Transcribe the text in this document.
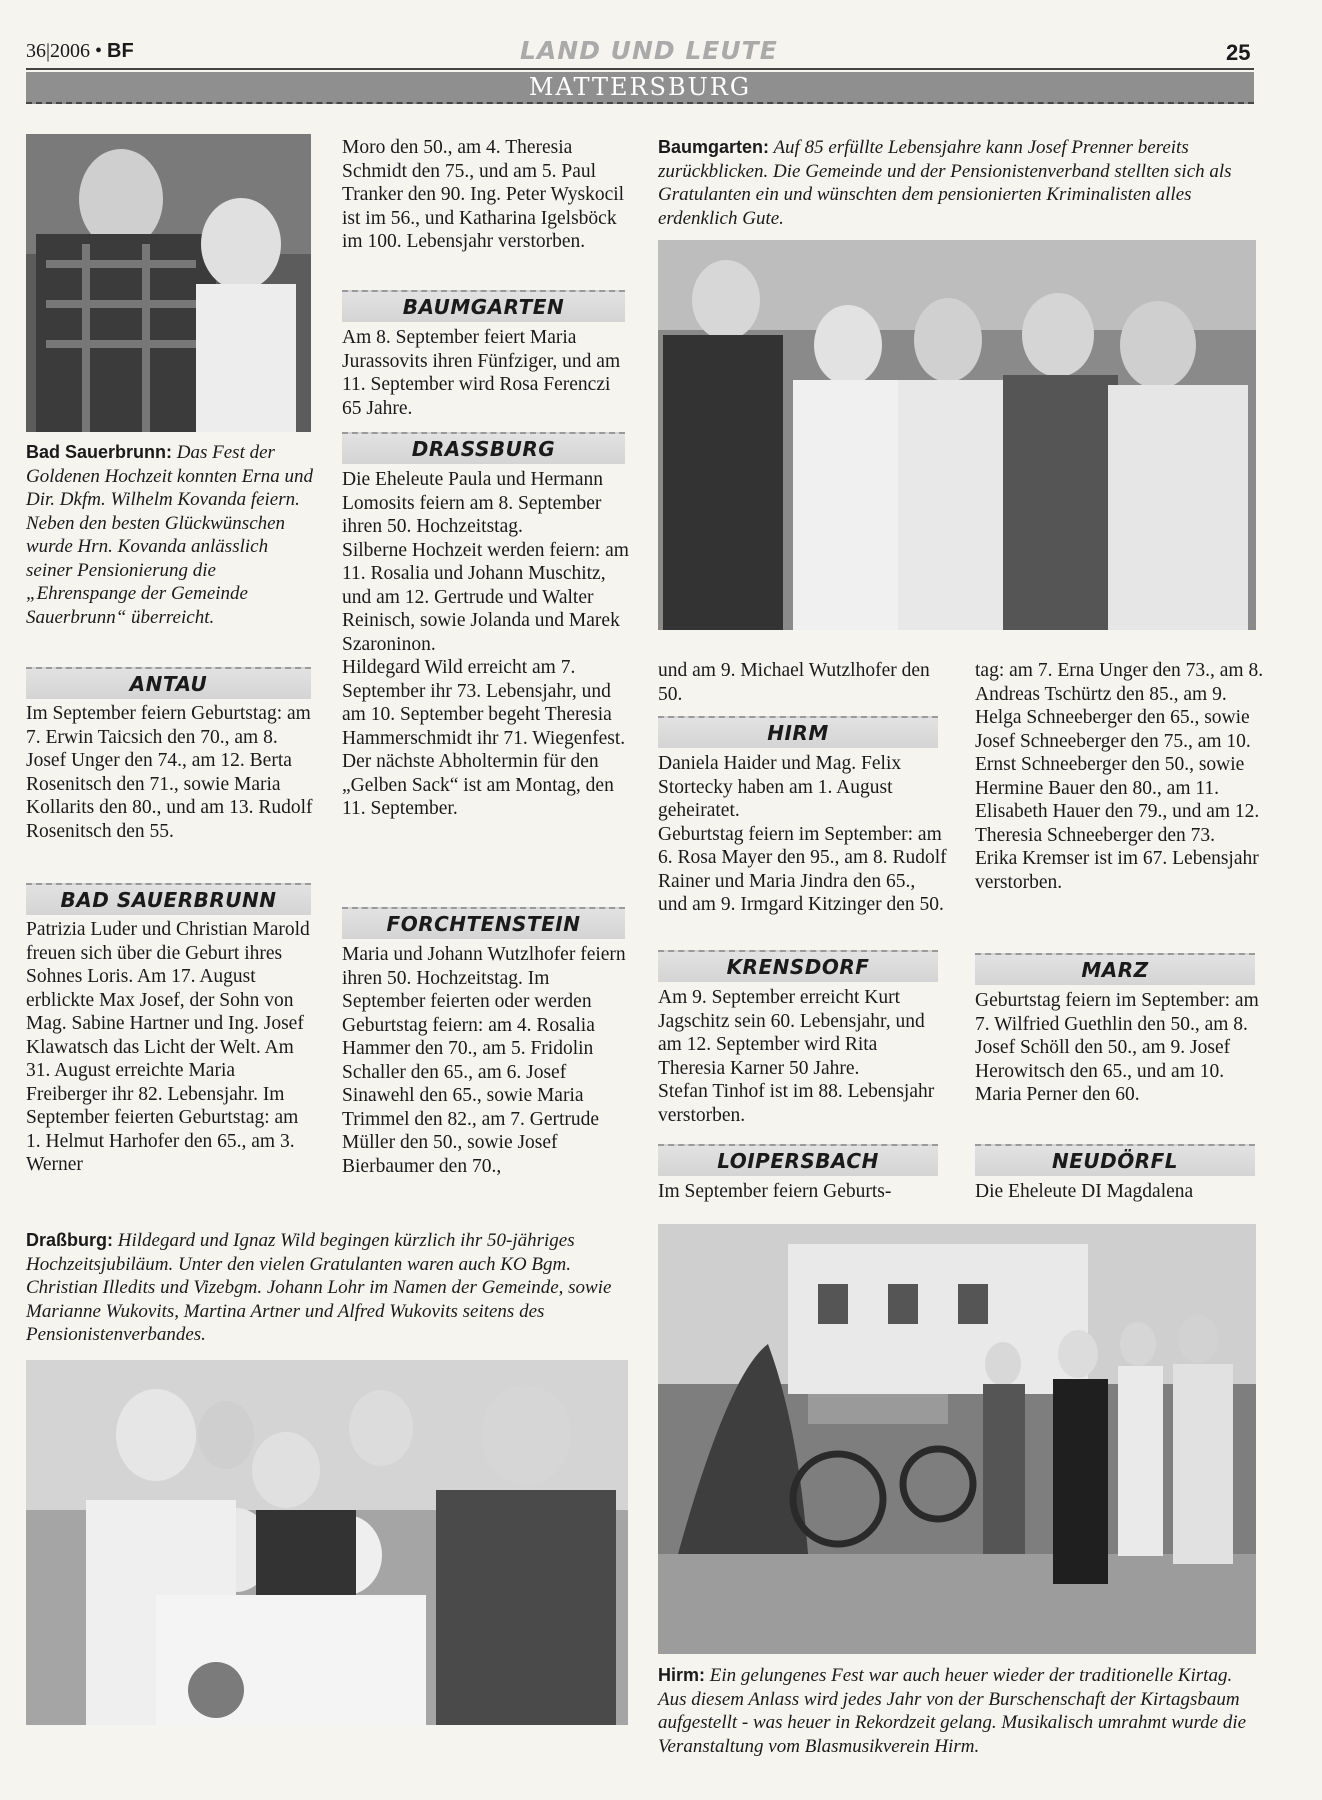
36|2006 • BF	LAND UND LEUTE	25
MATTERSBURG
Bad Sauerbrunn: Das Fest der Goldenen Hochzeit konnten Erna und Dir. Dkfm. Wilhelm Kovanda feiern. Neben den besten Glückwünschen wurde Hrn. Kovanda anlässlich seiner Pensionierung die „Ehrenspange der Gemeinde Sauerbrunn“ überreicht.
ANTAU
Im September feiern Geburtstag: am 7. Erwin Taicsich den 70., am 8. Josef Unger den 74., am 12. Berta Rosenitsch den 71., sowie Maria Kollarits den 80., und am 13. Rudolf Rosenitsch den 55.
BAD SAUERBRUNN
Patrizia Luder und Christian Marold freuen sich über die Geburt ihres Sohnes Loris. Am 17. August erblickte Max Josef, der Sohn von Mag. Sabine Hartner und Ing. Josef Klawatsch das Licht der Welt. Am 31. August erreichte Maria Freiberger ihr 82. Lebensjahr. Im September feierten Geburtstag: am 1. Helmut Harhofer den 65., am 3. Werner
Moro den 50., am 4. Theresia Schmidt den 75., und am 5. Paul Tranker den 90. Ing. Peter Wyskocil ist im 56., und Katharina Igelsböck im 100. Lebensjahr verstorben.
BAUMGARTEN
Am 8. September feiert Maria Jurassovits ihren Fünfziger, und am 11. September wird Rosa Ferenczi 65 Jahre.
DRASSBURG

Die Eheleute Paula und Hermann Lomosits feiern am 8. September ihren 50. Hochzeitstag.

Silberne Hochzeit werden feiern: am 11. Rosalia und Johann Muschitz, und am 12. Gertrude und Walter Reinisch, sowie Jolanda und Marek Szaroninon.

Hildegard Wild erreicht am 7. September ihr 73. Lebensjahr, und am 10. September begeht Theresia Hammerschmidt ihr 71. Wiegenfest.

Der nächste Abholtermin für den „Gelben Sack“ ist am Montag, den 11. September.

FORCHTENSTEIN
Maria und Johann Wutzlhofer feiern ihren 50. Hochzeitstag. Im September feierten oder werden Geburtstag feiern: am 4. Rosalia Hammer den 70., am 5. Fridolin Schaller den 65., am 6. Josef Sinawehl den 65., sowie Maria Trimmel den 82., am 7. Gertrude Müller den 50., sowie Josef Bierbaumer den 70.,
Baumgarten: Auf 85 erfüllte Lebensjahre kann Josef Prenner bereits zurückblicken. Die Gemeinde und der Pensionistenverband stellten sich als Gratulanten ein und wünschten dem pensionierten Kriminalisten alles erdenklich Gute.
und am 9. Michael Wutzlhofer den 50.
HIRM

Daniela Haider und Mag. Felix Stortecky haben am 1. August geheiratet.

Geburtstag feiern im September: am 6. Rosa Mayer den 95., am 8. Rudolf Rainer und Maria Jindra den 65., und am 9. Irmgard Kitzinger den 50.

KRENSDORF

Am 9. September erreicht Kurt Jagschitz sein 60. Lebensjahr, und am 12. September wird Rita Theresia Karner 50 Jahre.

Stefan Tinhof ist im 88. Lebensjahr verstorben.

LOIPERSBACH
Im September feiern Geburts-

tag: am 7. Erna Unger den 73., am 8. Andreas Tschürtz den 85., am 9. Helga Schneeberger den 65., sowie Josef Schneeberger den 75., am 10. Ernst Schneeberger den 50., sowie Hermine Bauer den 80., am 11. Elisabeth Hauer den 79., und am 12. Theresia Schneeberger den 73.

Erika Kremser ist im 67. Lebensjahr verstorben.

MARZ
Geburtstag feiern im September: am 7. Wilfried Guethlin den 50., am 8. Josef Schöll den 50., am 9. Josef Herowitsch den 65., und am 10. Maria Perner den 60.
NEUDÖRFL
Die Eheleute DI Magdalena
Draßburg: Hildegard und Ignaz Wild begingen kürzlich ihr 50-jähriges Hochzeitsjubiläum. Unter den vielen Gratulanten waren auch KO Bgm. Christian Illedits und Vizebgm. Johann Lohr im Namen der Gemeinde, sowie Marianne Wukovits, Martina Artner und Alfred Wukovits seitens des Pensionistenverbandes.
Hirm: Ein gelungenes Fest war auch heuer wieder der traditionelle Kirtag. Aus diesem Anlass wird jedes Jahr von der Burschenschaft der Kirtagsbaum aufgestellt - was heuer in Rekordzeit gelang. Musikalisch umrahmt wurde die Veranstaltung vom Blasmusikverein Hirm.
